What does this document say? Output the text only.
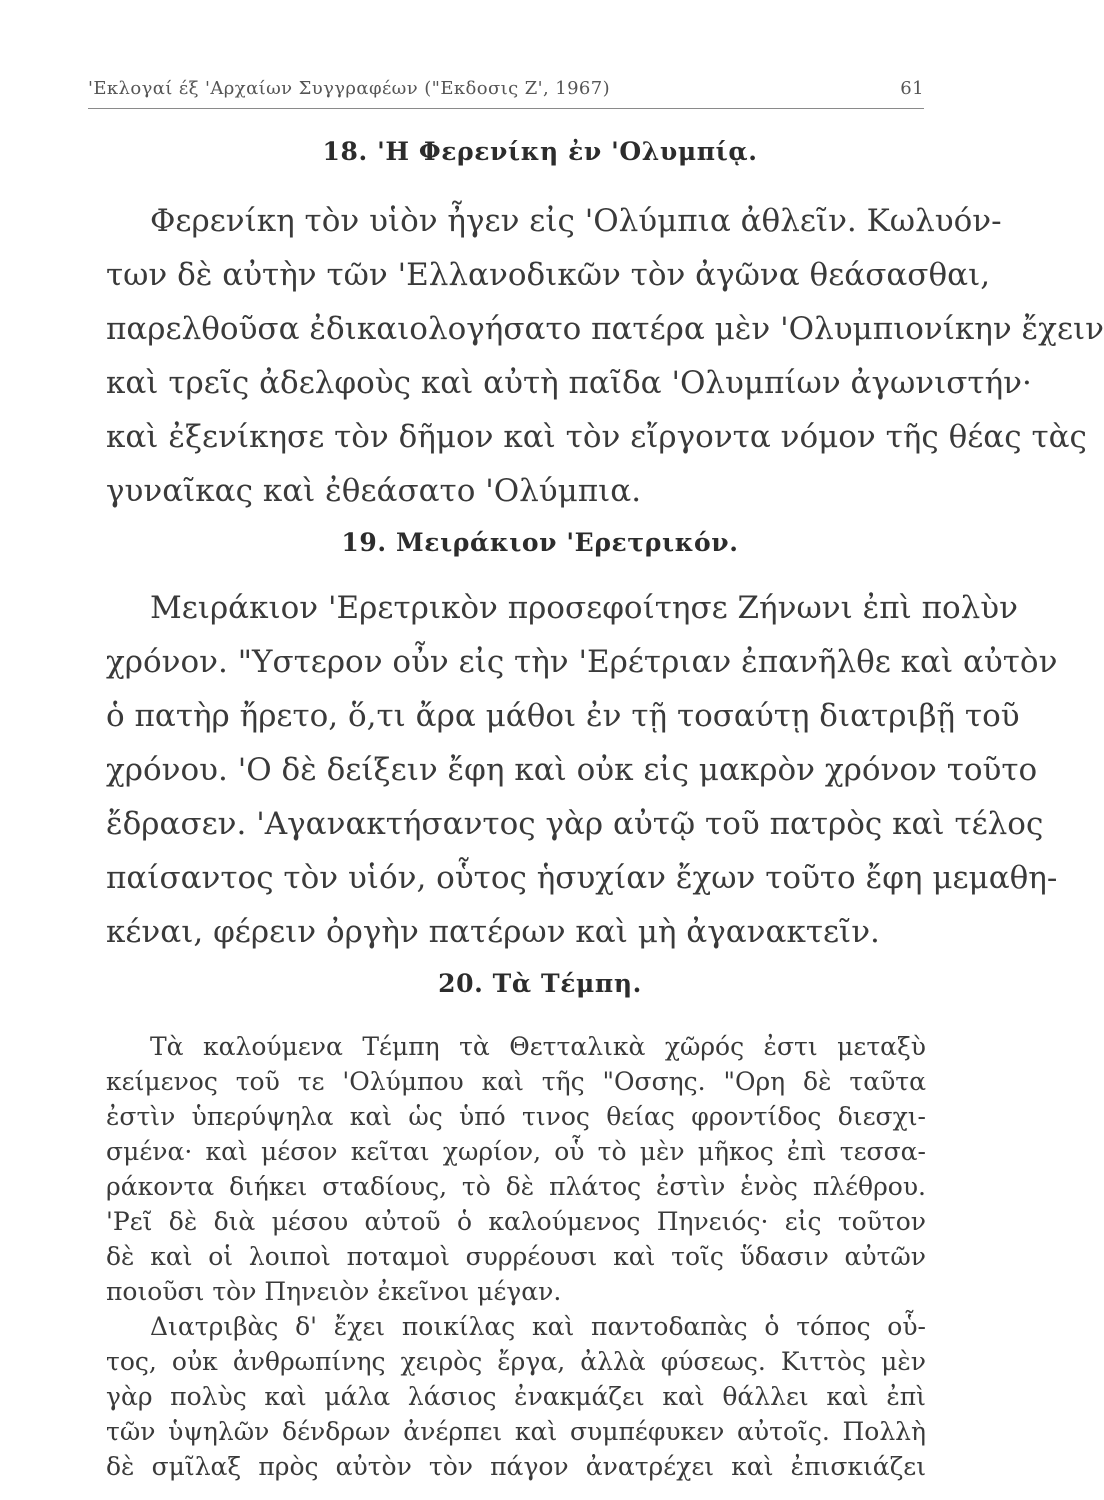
'Εκλογαί έξ 'Αρχαίων Συγγραφέων ("Εκδοσις Ζ', 1967)	61
18. 'Η Φερενίκη ἐν 'Ολυμπίᾳ.
Φερενίκη τὸν υἱὸν ἦγεν εἰς 'Ολύμπια ἀθλεῖν. Κωλυόν-
των δὲ αὐτὴν τῶν 'Ελλανοδικῶν τὸν ἀγῶνα θεάσασθαι,
παρελθοῦσα ἐδικαιολογήσατο πατέρα μὲν 'Ολυμπιονίκην ἔχειν
καὶ τρεῖς ἀδελφοὺς καὶ αὐτὴ παῖδα 'Ολυμπίων ἀγωνιστήν·
καὶ ἐξενίκησε τὸν δῆμον καὶ τὸν εἴργοντα νόμον τῆς θέας τὰς
γυναῖκας καὶ ἐθεάσατο 'Ολύμπια.
19. Μειράκιον 'Ερετρικόν.
Μειράκιον 'Ερετρικὸν προσεφοίτησε Ζήνωνι ἐπὶ πολὺν
χρόνον. "Υστερον οὖν εἰς τὴν 'Ερέτριαν ἐπανῆλθε καὶ αὐτὸν
ὁ πατὴρ ἤρετο, ὅ,τι ἄρα μάθοι ἐν τῇ τοσαύτῃ διατριβῇ τοῦ
χρόνου. 'Ο δὲ δείξειν ἔφη καὶ οὐκ εἰς μακρὸν χρόνον τοῦτο
ἔδρασεν. 'Αγανακτήσαντος γὰρ αὐτῷ τοῦ πατρὸς καὶ τέλος
παίσαντος τὸν υἱόν, οὗτος ἡσυχίαν ἔχων τοῦτο ἔφη μεμαθη-
κέναι, φέρειν ὀργὴν πατέρων καὶ μὴ ἀγανακτεῖν.
20. Τὰ Τέμπη.
Τὰ καλούμενα Τέμπη τὰ Θετταλικὰ χῶρός ἐστι μεταξὺ
κείμενος τοῦ τε 'Ολύμπου καὶ τῆς "Οσσης. "Ορη δὲ ταῦτα
ἐστὶν ὑπερύψηλα καὶ ὡς ὑπό τινος θείας φροντίδος διεσχι-
σμένα· καὶ μέσον κεῖται χωρίον, οὗ τὸ μὲν μῆκος ἐπὶ τεσσα-
ράκοντα διήκει σταδίους, τὸ δὲ πλάτος ἐστὶν ἑνὸς πλέθρου.
'Ρεῖ δὲ διὰ μέσου αὐτοῦ ὁ καλούμενος Πηνειός· εἰς τοῦτον
δὲ καὶ οἱ λοιποὶ ποταμοὶ συρρέουσι καὶ τοῖς ὕδασιν αὐτῶν
ποιοῦσι τὸν Πηνειὸν ἐκεῖνοι μέγαν.
Διατριβὰς δ' ἔχει ποικίλας καὶ παντοδαπὰς ὁ τόπος οὗ-
τος, οὐκ ἀνθρωπίνης χειρὸς ἔργα, ἀλλὰ φύσεως. Κιττὸς μὲν
γὰρ πολὺς καὶ μάλα λάσιος ἐνακμάζει καὶ θάλλει καὶ ἐπὶ
τῶν ὑψηλῶν δένδρων ἀνέρπει καὶ συμπέφυκεν αὐτοῖς. Πολλὴ
δὲ σμῖλαξ πρὸς αὐτὸν τὸν πάγον ἀνατρέχει καὶ ἐπισκιάζει
